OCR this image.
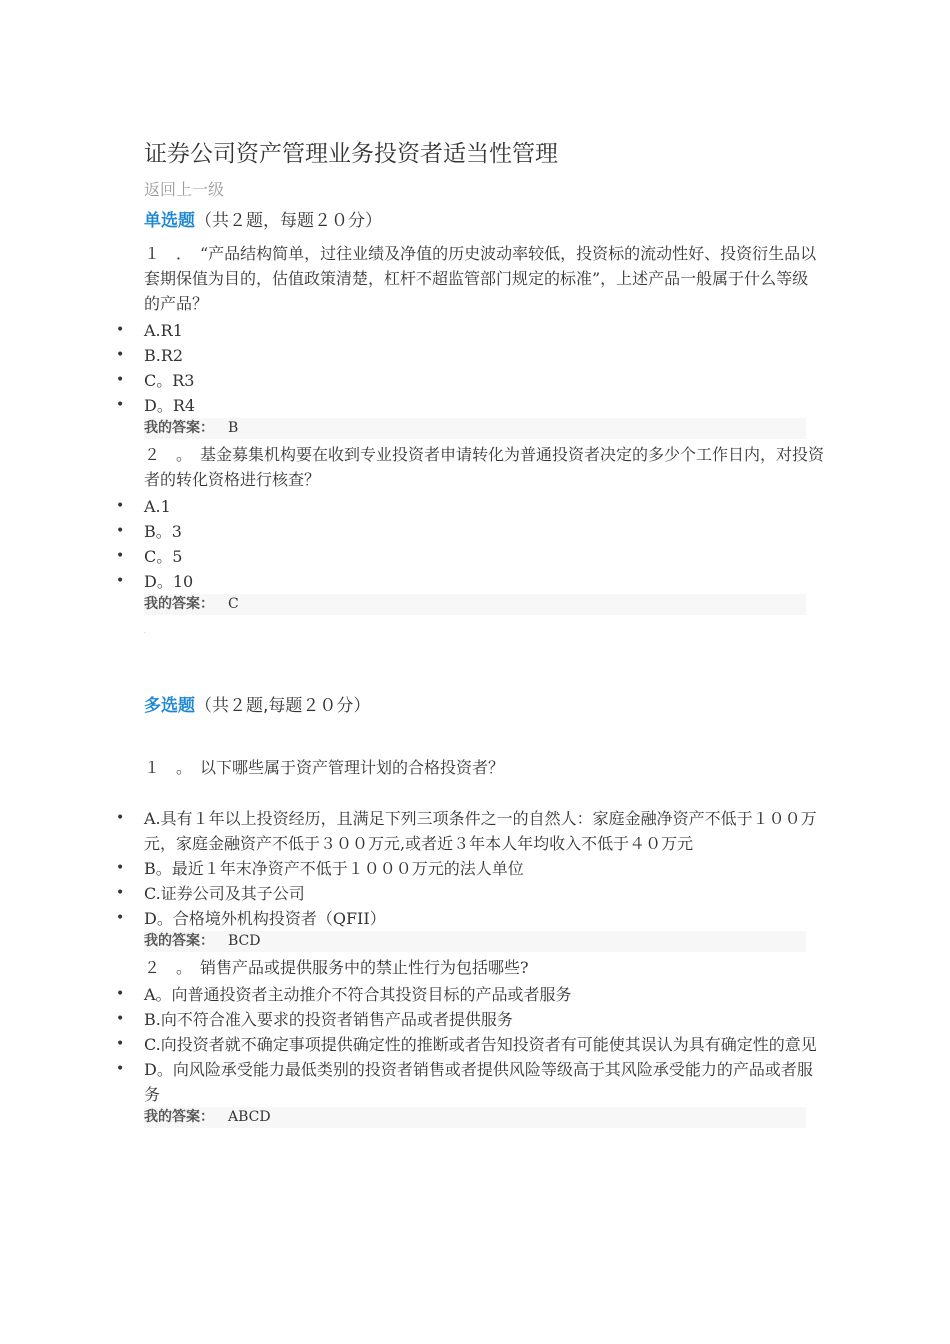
证券公司资产管理业务投资者适当性管理
返回上一级
单选题（共２题，每题２０分）
１　．　“产品结构简单，过往业绩及净值的历史波动率较低，投资标的流动性好、投资衍生品以套期保值为目的，估值政策清楚，杠杆不超监管部门规定的标准”，上述产品一般属于什么等级的产品？
• A.R1
• B.R2
• C。R3
• D。R4
我的答案： B
２　。　基金募集机构要在收到专业投资者申请转化为普通投资者决定的多少个工作日内，对投资者的转化资格进行核查？
• A.1
• B。3
• C。5
• D。10
我的答案： C
.
多选题（共２题,每题２０分）
１　。　以下哪些属于资产管理计划的合格投资者？
• A.具有１年以上投资经历，且满足下列三项条件之一的自然人：家庭金融净资产不低于１００万元，家庭金融资产不低于３００万元,或者近３年本人年均收入不低于４０万元
• B。最近１年末净资产不低于１０００万元的法人单位
• C.证券公司及其子公司
• D。合格境外机构投资者（QFII）
我的答案： BCD
２　。　销售产品或提供服务中的禁止性行为包括哪些?
• A。向普通投资者主动推介不符合其投资目标的产品或者服务
• B.向不符合准入要求的投资者销售产品或者提供服务
• C.向投资者就不确定事项提供确定性的推断或者告知投资者有可能使其误认为具有确定性的意见
• D。向风险承受能力最低类别的投资者销售或者提供风险等级高于其风险承受能力的产品或者服务
我的答案： ABCD
